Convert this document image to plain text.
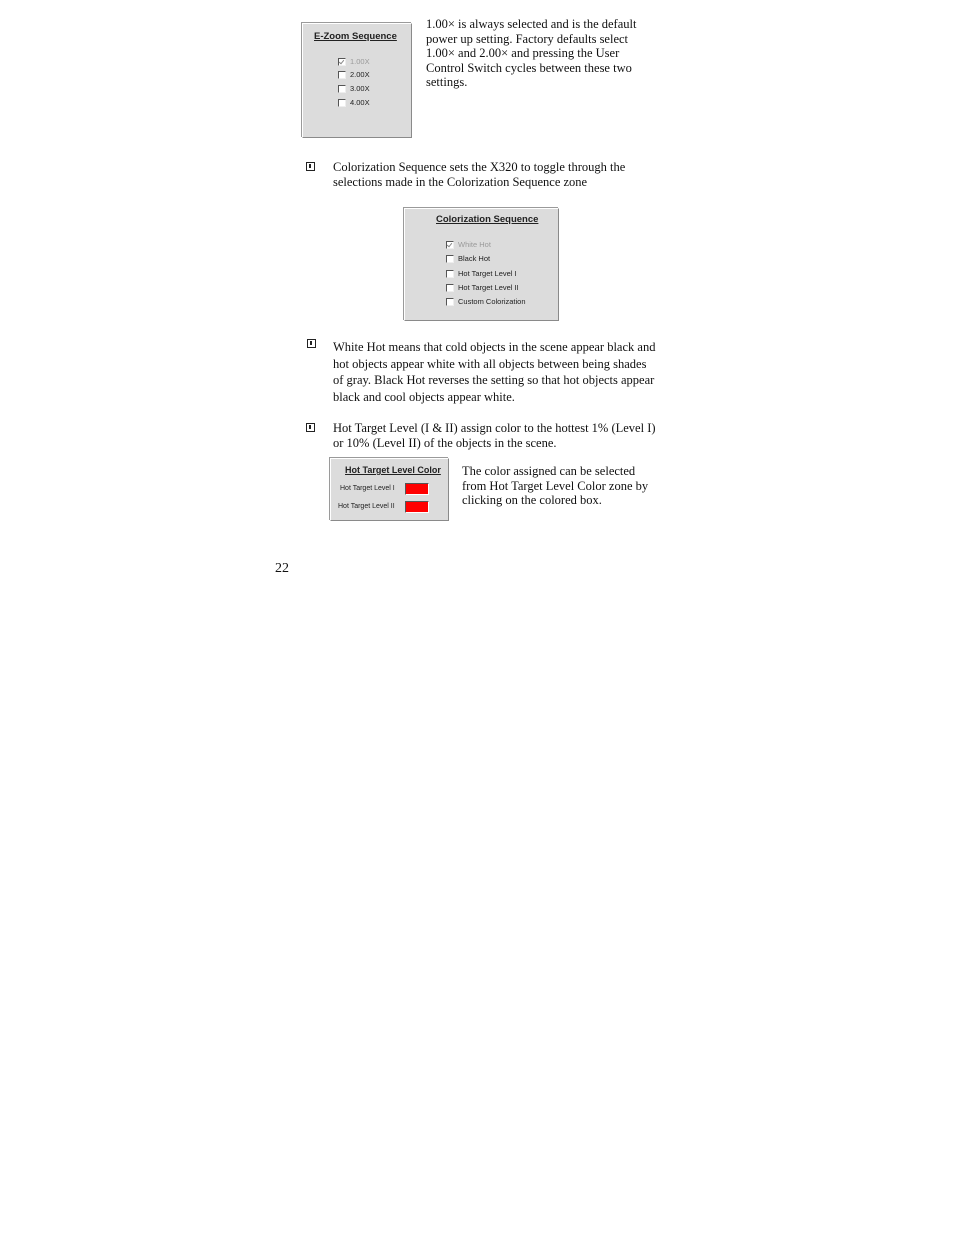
E-Zoom Sequence
1.00X
2.00X
3.00X
4.00X
1.00× is always selected and is the default power up setting. Factory defaults select 1.00× and 2.00× and pressing the User Control Switch cycles between these two settings.
Colorization Sequence sets the X320 to toggle through the selections made in the Colorization Sequence zone
Colorization Sequence
White Hot
Black Hot
Hot Target Level I
Hot Target Level II
Custom Colorization
White Hot means that cold objects in the scene appear black and hot objects appear white with all objects between being shades of gray. Black Hot reverses the setting so that hot objects appear black and cool objects appear white.
Hot Target Level (I & II) assign color to the hottest 1% (Level I) or 10% (Level II) of the objects in the scene.
Hot Target Level Color
Hot Target Level I
Hot Target Level II
The color assigned can be selected from Hot Target Level Color zone by clicking on the colored box.
22
